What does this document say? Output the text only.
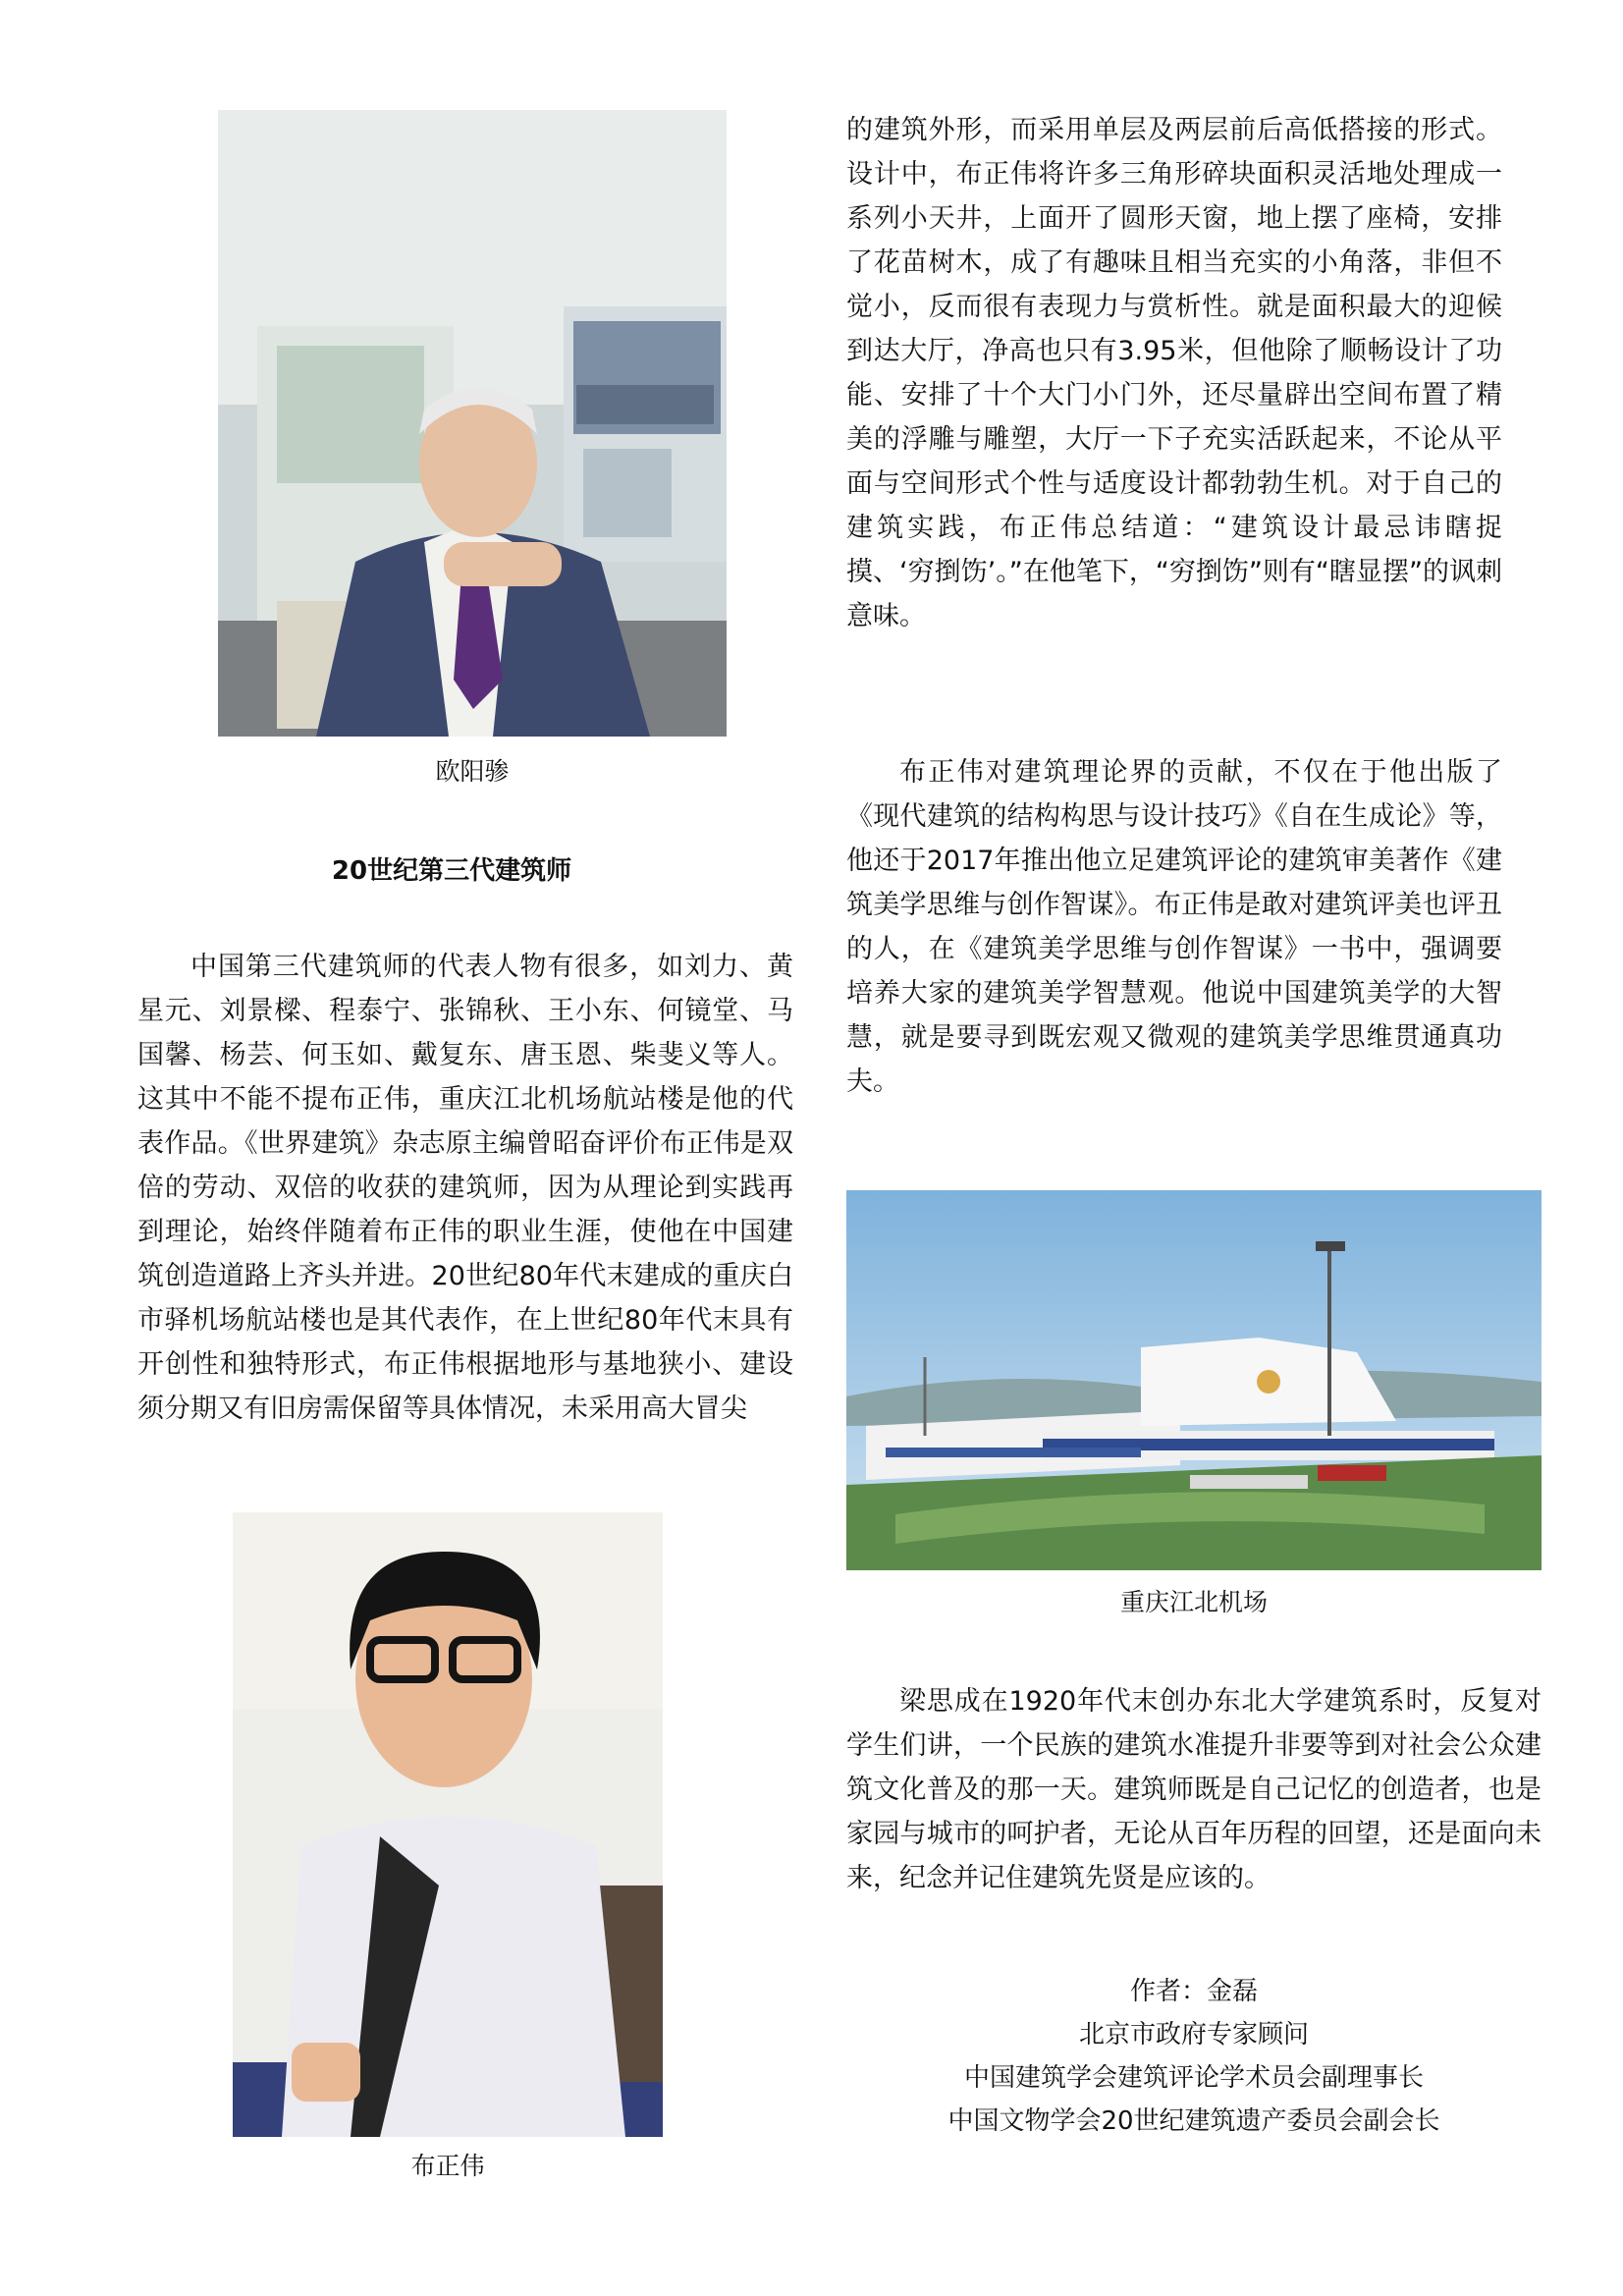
欧阳骖
20世纪第三代建筑师

中国第三代建筑师的代表人物有很多，如刘力、黄星元、刘景樑、程泰宁、张锦秋、王小东、何镜堂、马国馨、杨芸、何玉如、戴复东、唐玉恩、柴斐义等人。这其中不能不提布正伟，重庆江北机场航站楼是他的代表作品。《世界建筑》杂志原主编曾昭奋评价布正伟是双倍的劳动、双倍的收获的建筑师，因为从理论到实践再到理论，始终伴随着布正伟的职业生涯，使他在中国建筑创造道路上齐头并进。20世纪80年代末建成的重庆白市驿机场航站楼也是其代表作，在上世纪80年代末具有开创性和独特形式，布正伟根据地形与基地狭小、建设须分期又有旧房需保留等具体情况，未采用高大冒尖

布正伟

的建筑外形，而采用单层及两层前后高低搭接的形式。设计中，布正伟将许多三角形碎块面积灵活地处理成一系列小天井，上面开了圆形天窗，地上摆了座椅，安排了花苗树木，成了有趣味且相当充实的小角落，非但不觉小，反而很有表现力与赏析性。就是面积最大的迎候到达大厅，净高也只有3.95米，但他除了顺畅设计了功能、安排了十个大门小门外，还尽量辟出空间布置了精美的浮雕与雕塑，大厅一下子充实活跃起来，不论从平面与空间形式个性与适度设计都勃勃生机。对于自己的建筑实践，布正伟总结道：“建筑设计最忌讳瞎捉摸、‘穷捯饬’。”在他笔下，“穷捯饬”则有“瞎显摆”的讽刺意味。

布正伟对建筑理论界的贡献，不仅在于他出版了《现代建筑的结构构思与设计技巧》《自在生成论》等，他还于2017年推出他立足建筑评论的建筑审美著作《建筑美学思维与创作智谋》。布正伟是敢对建筑评美也评丑的人，在《建筑美学思维与创作智谋》一书中，强调要培养大家的建筑美学智慧观。他说中国建筑美学的大智慧，就是要寻到既宏观又微观的建筑美学思维贯通真功夫。

重庆江北机场

梁思成在1920年代末创办东北大学建筑系时，反复对学生们讲，一个民族的建筑水准提升非要等到对社会公众建筑文化普及的那一天。建筑师既是自己记忆的创造者，也是家园与城市的呵护者，无论从百年历程的回望，还是面向未来，纪念并记住建筑先贤是应该的。

作者：金磊
北京市政府专家顾问
中国建筑学会建筑评论学术员会副理事长
中国文物学会20世纪建筑遗产委员会副会长
